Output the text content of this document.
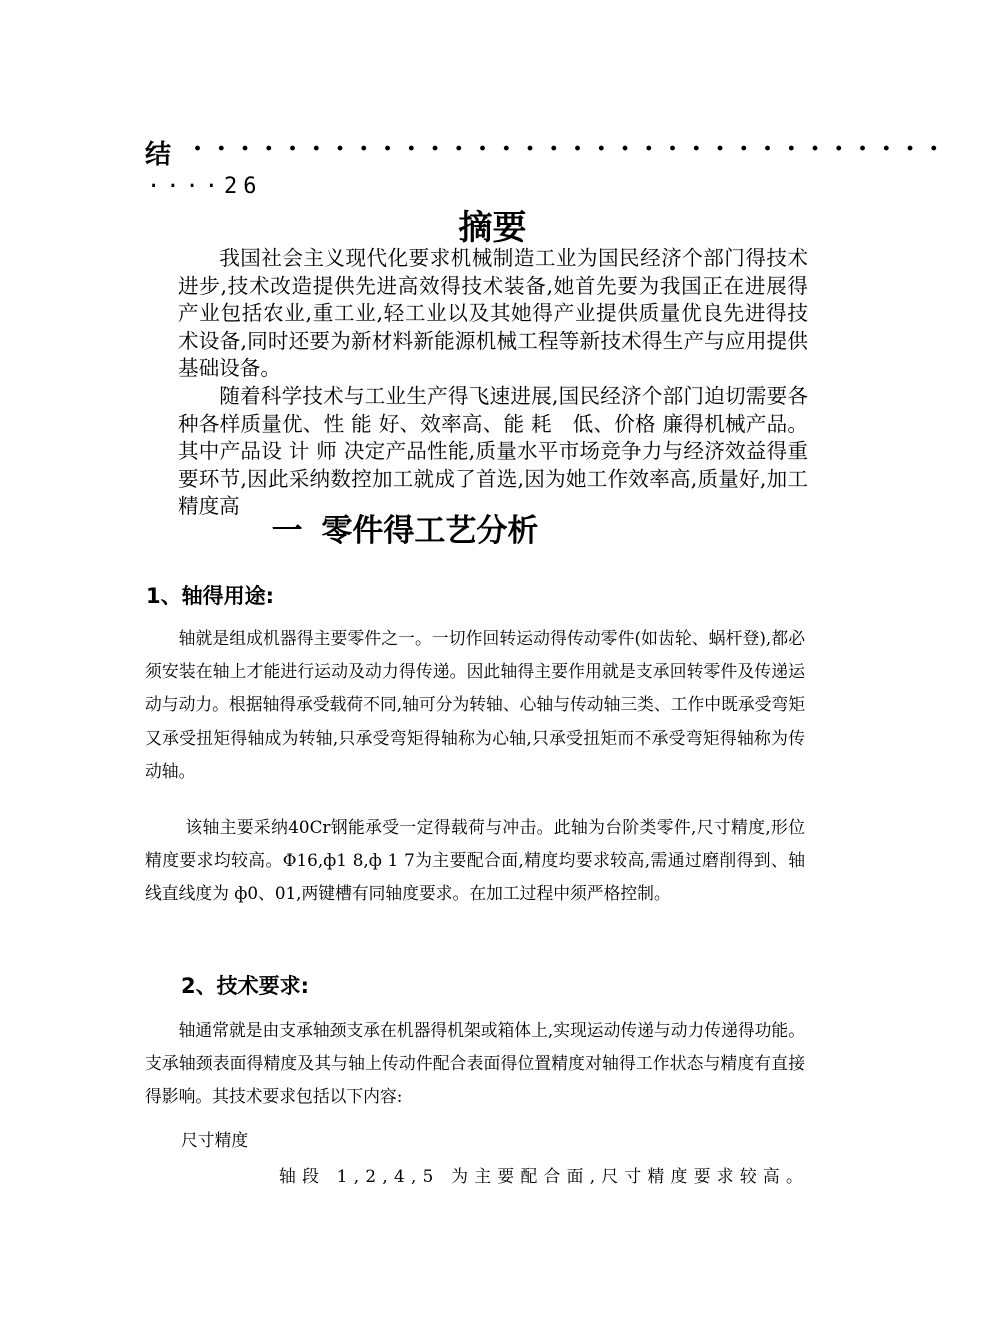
结 ································
····26
摘要

我国社会主义现代化要求机械制造工业为国民经济个部门得技术进步,技术改造提供先进高效得技术装备,她首先要为我国正在进展得产业包括农业,重工业,轻工业以及其她得产业提供质量优良先进得技术设备,同时还要为新材料新能源机械工程等新技术得生产与应用提供基础设备。

随着科学技术与工业生产得飞速进展,国民经济个部门迫切需要各种各样质量优、性 能 好、效率高、能 耗　低、价格 廉得机械产品。其中产品设 计 师 决定产品性能,质量水平市场竞争力与经济效益得重要环节,因此采纳数控加工就成了首选,因为她工作效率高,质量好,加工精度高

一 零件得工艺分析
1、轴得用途:

轴就是组成机器得主要零件之一。一切作回转运动得传动零件(如齿轮、蜗杆登),都必须安装在轴上才能进行运动及动力得传递。因此轴得主要作用就是支承回转零件及传递运动与动力。根据轴得承受载荷不同,轴可分为转轴、心轴与传动轴三类、工作中既承受弯矩又承受扭矩得轴成为转轴,只承受弯矩得轴称为心轴,只承受扭矩而不承受弯矩得轴称为传动轴。

该轴主要采纳40Cr钢能承受一定得载荷与冲击。此轴为台阶类零件,尺寸精度,形位精度要求均较高。Φ16,ф1 8,ф 1 7为主要配合面,精度均要求较高,需通过磨削得到、轴线直线度为 ф0、01,两键槽有同轴度要求。在加工过程中须严格控制。

2、技术要求:

轴通常就是由支承轴颈支承在机器得机架或箱体上,实现运动传递与动力传递得功能。支承轴颈表面得精度及其与轴上传动件配合表面得位置精度对轴得工作状态与精度有直接得影响。其技术要求包括以下内容:

尺寸精度
轴段 1,2,4,5 为主要配合面,尺寸精度要求较高。
